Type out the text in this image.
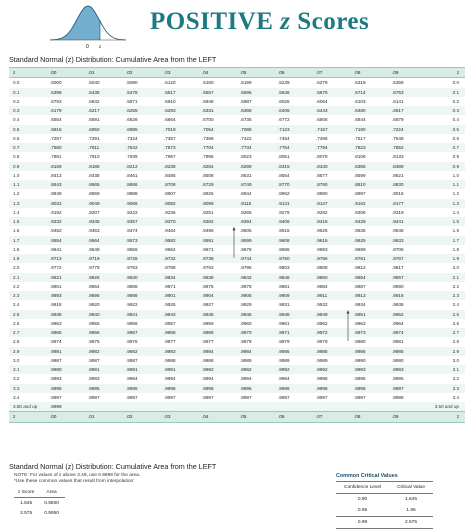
0 z
POSITIVE z Scores
Standard Normal (z) Distribution: Cumulative Area from the LEFT
z	.00	.01	.02	.03	.04	.05	.06	.07	.08	.09	z
0.0	.5000	.5040	.5080	.5120	.5160	.5199	.5239	.5279	.5319	.5359	0.0
0.1	.5398	.5438	.5478	.5517	.5557	.5596	.5636	.5675	.5714	.5753	0.1
0.2	.5793	.5832	.5871	.5910	.5948	.5987	.6026	.6064	.6103	.6141	0.2
0.3	.6179	.6217	.6255	.6293	.6331	.6368	.6406	.6443	.6480	.6517	0.3
0.4	.6554	.6591	.6628	.6664	.6700	.6736	.6772	.6808	.6844	.6879	0.4
0.5	.6915	.6950	.6985	.7019	.7054	.7088	.7123	.7157	.7190	.7224	0.5
0.6	.7257	.7291	.7324	.7357	.7389	.7422	.7454	.7486	.7517	.7549	0.6
0.7	.7580	.7611	.7642	.7673	.7704	.7734	.7764	.7794	.7823	.7852	0.7
0.8	.7881	.7910	.7939	.7967	.7995	.8023	.8051	.8078	.8106	.8133	0.8
0.9	.8159	.8186	.8212	.8238	.8264	.8289	.8315	.8340	.8365	.8389	0.9
1.0	.8413	.8438	.8461	.8485	.8508	.8531	.8554	.8577	.8599	.8621	1.0
1.1	.8643	.8665	.8686	.8708	.8729	.8749	.8770	.8790	.8810	.8830	1.1
1.2	.8849	.8869	.8888	.8907	.8925	.8944	.8962	.8980	.8997	.9015	1.2
1.3	.9032	.9049	.9066	.9082	.9099	.9115	.9131	.9147	.9162	.9177	1.3
1.4	.9192	.9207	.9222	.9236	.9251	.9265	.9279	.9292	.9306	.9319	1.4
1.5	.9332	.9345	.9357	.9370	.9382	.9394	.9406	.9418	.9429	.9441	1.5
1.6	.9452	.9463	.9474	.9484	.9495	.9505	.9515	.9525	.9535	.9545	1.6
1.7	.9554	.9564	.9573	.9582	.9591	.9599	.9608	.9616	.9625	.9633	1.7
1.8	.9641	.9649	.9656	.9664	.9671	.9678	.9686	.9693	.9699	.9706	1.8
1.9	.9713	.9719	.9726	.9732	.9738	.9744	.9750	.9756	.9761	.9767	1.9
2.0	.9772	.9778	.9783	.9788	.9793	.9798	.9803	.9808	.9812	.9817	2.0
2.1	.9821	.9826	.9830	.9834	.9838	.9842	.9846	.9850	.9854	.9857	2.1
2.2	.9861	.9864	.9868	.9871	.9875	.9878	.9881	.9884	.9887	.9890	2.2
2.3	.9893	.9896	.9898	.9901	.9904	.9906	.9909	.9911	.9913	.9916	2.3
2.4	.9918	.9920	.9922	.9925	.9927	.9929	.9931	.9932	.9934	.9936	2.4
2.5	.9938	.9940	.9941	.9943	.9945	.9946	.9948	.9949	.9951	.9952	2.5
2.6	.9953	.9955	.9956	.9957	.9959	.9960	.9961	.9962	.9963	.9964	2.6
2.7	.9965	.9966	.9967	.9968	.9969	.9970	.9971	.9972	.9973	.9974	2.7
2.8	.9974	.9975	.9976	.9977	.9977	.9978	.9979	.9979	.9980	.9981	2.8
2.9	.9981	.9982	.9982	.9983	.9984	.9984	.9985	.9985	.9986	.9986	2.9
3.0	.9987	.9987	.9987	.9988	.9988	.9989	.9989	.9989	.9990	.9990	3.0
3.1	.9990	.9991	.9991	.9991	.9992	.9992	.9992	.9992	.9993	.9993	3.1
3.2	.9993	.9993	.9994	.9994	.9994	.9994	.9994	.9995	.9995	.9995	3.2
3.3	.9995	.9995	.9995	.9996	.9996	.9996	.9996	.9996	.9996	.9997	3.3
3.4	.9997	.9997	.9997	.9997	.9997	.9997	.9997	.9997	.9997	.9998	3.4
3.50 and up	.9999										3.50 and up
z	.00	.01	.02	.03	.04	.05	.06	.07	.08	.09	z
Standard Normal (z) Distribution: Cumulative Area from the LEFT
NOTE: For values of z above 3.49, use 0.9999 for the area.
*Use these common values that result from interpolation:
z Score	Area
1.645	0.9500
2.575	0.9950
Common Critical Values
Confidence Level	Critical Value
0.90	1.645
0.95	1.96
0.99	2.575
